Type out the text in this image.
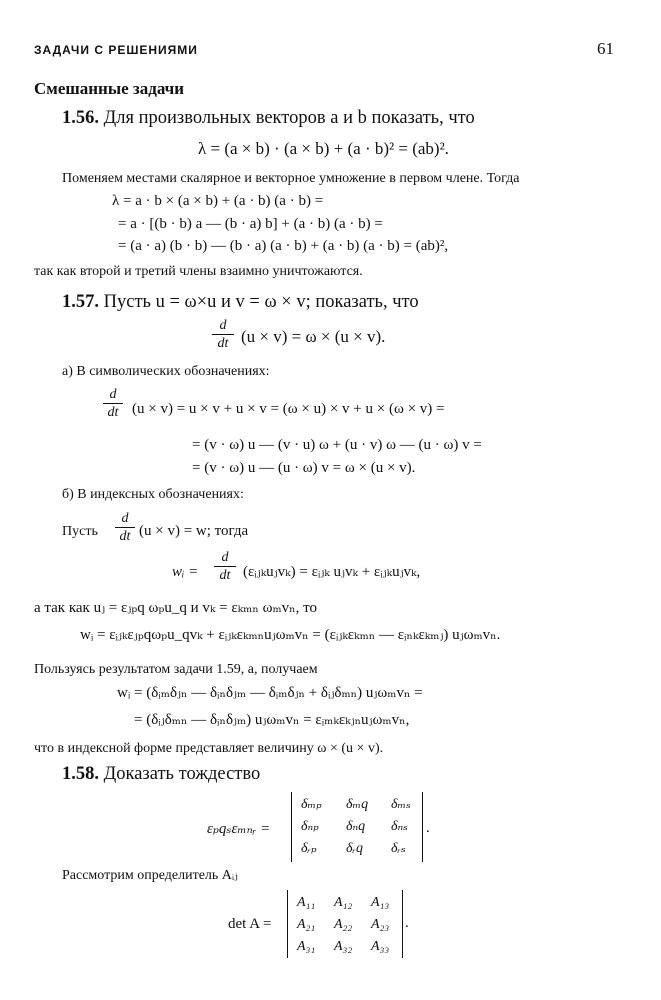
ЗАДАЧИ С РЕШЕНИЯМИ	61
Смешанные задачи
1.56. Для произвольных векторов a и b показать, что
λ = (a × b) · (a × b) + (a · b)² = (ab)².
Поменяем местами скалярное и векторное умножение в первом члене. Тогда
λ = a · b × (a × b) + (a · b) (a · b) =
= a · [(b · b) a — (b · a) b] + (a · b) (a · b) =
= (a · a) (b · b) — (b · a) (a · b) + (a · b) (a · b) = (ab)²,
так как второй и третий члены взаимно уничтожаются.
1.57. Пусть u = ω×u и v = ω × v; показать, что
d
dt (u × v) = ω × (u × v).
а) В символических обозначениях:
d
dt (u × v) = u × v + u × v = (ω × u) × v + u × (ω × v) =
= (v · ω) u — (v · u) ω + (u · v) ω — (u · ω) v =
= (v · ω) u — (u · ω) v = ω × (u × v).
б) В индексных обозначениях:
Пусть
d
dt (u × v) = w; тогда
wᵢ =
d
dt (εᵢⱼₖuⱼvₖ) = εᵢⱼₖ uⱼvₖ + εᵢⱼₖuⱼvₖ,
а так как uⱼ = εⱼₚq ωₚu_q и vₖ = εₖₘₙ ωₘvₙ, то
wᵢ = εᵢⱼₖεⱼₚqωₚu_qvₖ + εᵢⱼₖεₖₘₙuⱼωₘvₙ = (εᵢⱼₖεₖₘₙ — εᵢₙₖεₖₘⱼ) uⱼωₘvₙ.
Пользуясь результатом задачи 1.59, а, получаем
wᵢ = (δᵢₘδⱼₙ — δᵢₙδⱼₘ — δᵢₘδⱼₙ + δᵢⱼδₘₙ) uⱼωₘvₙ =
= (δᵢⱼδₘₙ — δᵢₙδⱼₘ) uⱼωₘvₙ = εᵢₘₖεₖⱼₙuⱼωₘvₙ,
что в индексной форме представляет величину ω × (u × v).
1.58. Доказать тождество
εₚqₛεₘₙᵣ =
δₘₚ δₘq δₘₛ
δₙₚ δₙq δₙₛ
δᵣₚ δᵣq δᵣₛ
.
Рассмотрим определитель Aᵢⱼ
det A =
A₁₁ A₁₂ A₁₃
A₂₁ A₂₂ A₂₃
A₃₁ A₃₂ A₃₃
.
